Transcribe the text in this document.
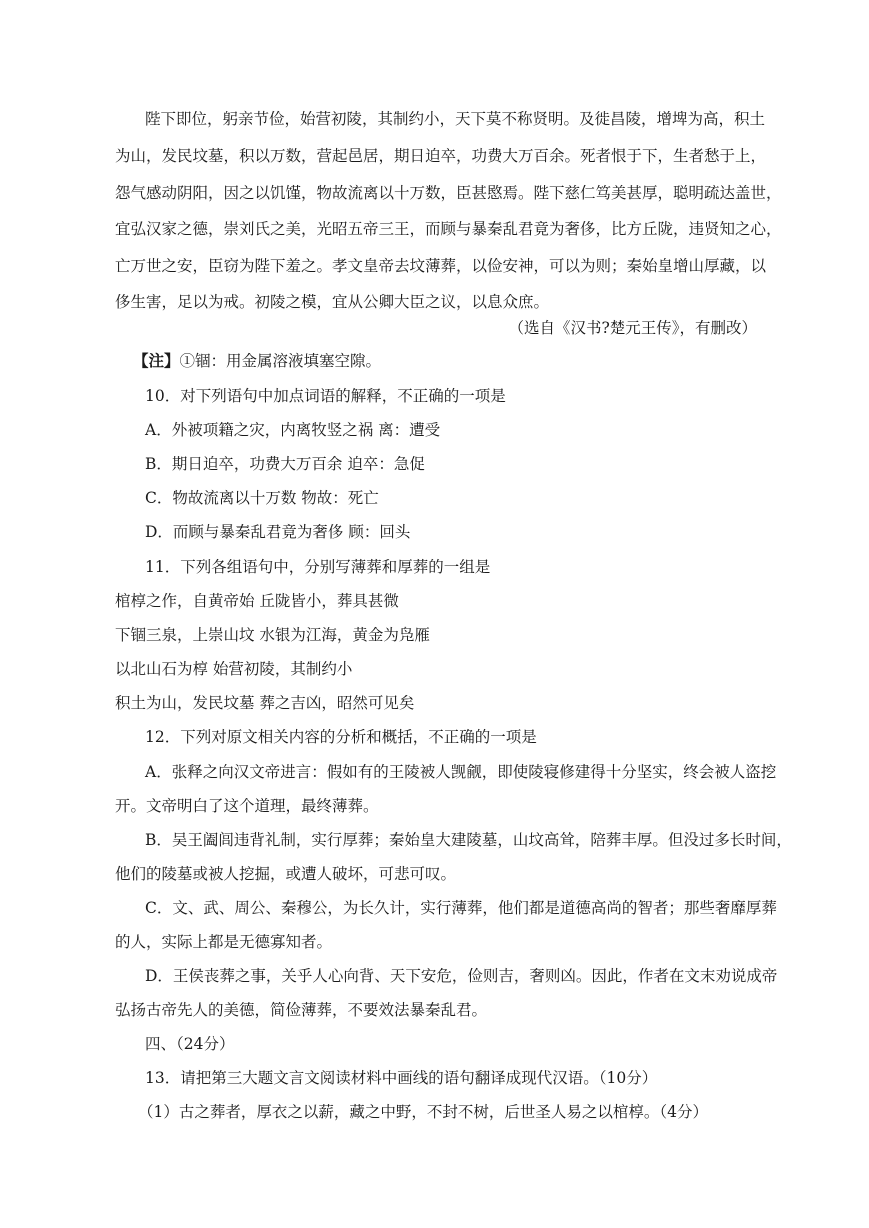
陛下即位，躬亲节俭，始营初陵，其制约小，天下莫不称贤明。及徙昌陵，增埤为高，积土
为山，发民坟墓，积以万数，营起邑居，期日迫卒，功费大万百余。死者恨于下，生者愁于上，
怨气感动阴阳，因之以饥馑，物故流离以十万数，臣甚愍焉。陛下慈仁笃美甚厚，聪明疏达盖世，
宜弘汉家之德，崇刘氏之美，光昭五帝三王，而顾与暴秦乱君竟为奢侈，比方丘陇，违贤知之心，
亡万世之安，臣窃为陛下羞之。孝文皇帝去坟薄葬，以俭安神，可以为则；秦始皇增山厚藏，以
侈生害，足以为戒。初陵之模，宜从公卿大臣之议，以息众庶。
（选自《汉书?楚元王传》，有删改）
【注】①锢：用金属溶液填塞空隙。
10．对下列语句中加点词语的解释，不正确的一项是
A．外被项籍之灾，内离牧竖之祸 离：遭受
B．期日迫卒，功费大万百余 迫卒：急促
C．物故流离以十万数 物故：死亡
D．而顾与暴秦乱君竟为奢侈 顾：回头
11．下列各组语句中，分别写薄葬和厚葬的一组是
棺椁之作，自黄帝始 丘陇皆小，葬具甚微
下锢三泉，上崇山坟 水银为江海，黄金为凫雁
以北山石为椁 始营初陵，其制约小
积土为山，发民坟墓 葬之吉凶，昭然可见矣
12．下列对原文相关内容的分析和概括，不正确的一项是
A．张释之向汉文帝进言：假如有的王陵被人觊觎，即使陵寝修建得十分坚实，终会被人盗挖
开。文帝明白了这个道理，最终薄葬。
B．吴王阖闾违背礼制，实行厚葬；秦始皇大建陵墓，山坟高耸，陪葬丰厚。但没过多长时间，
他们的陵墓或被人挖掘，或遭人破坏，可悲可叹。
C．文、武、周公、秦穆公，为长久计，实行薄葬，他们都是道德高尚的智者；那些奢靡厚葬
的人，实际上都是无德寡知者。
D．王侯丧葬之事，关乎人心向背、天下安危，俭则吉，奢则凶。因此，作者在文末劝说成帝
弘扬古帝先人的美德，简俭薄葬，不要效法暴秦乱君。
四、（24分）
13．请把第三大题文言文阅读材料中画线的语句翻译成现代汉语。（10分）
（1）古之葬者，厚衣之以薪，藏之中野，不封不树，后世圣人易之以棺椁。（4分）
